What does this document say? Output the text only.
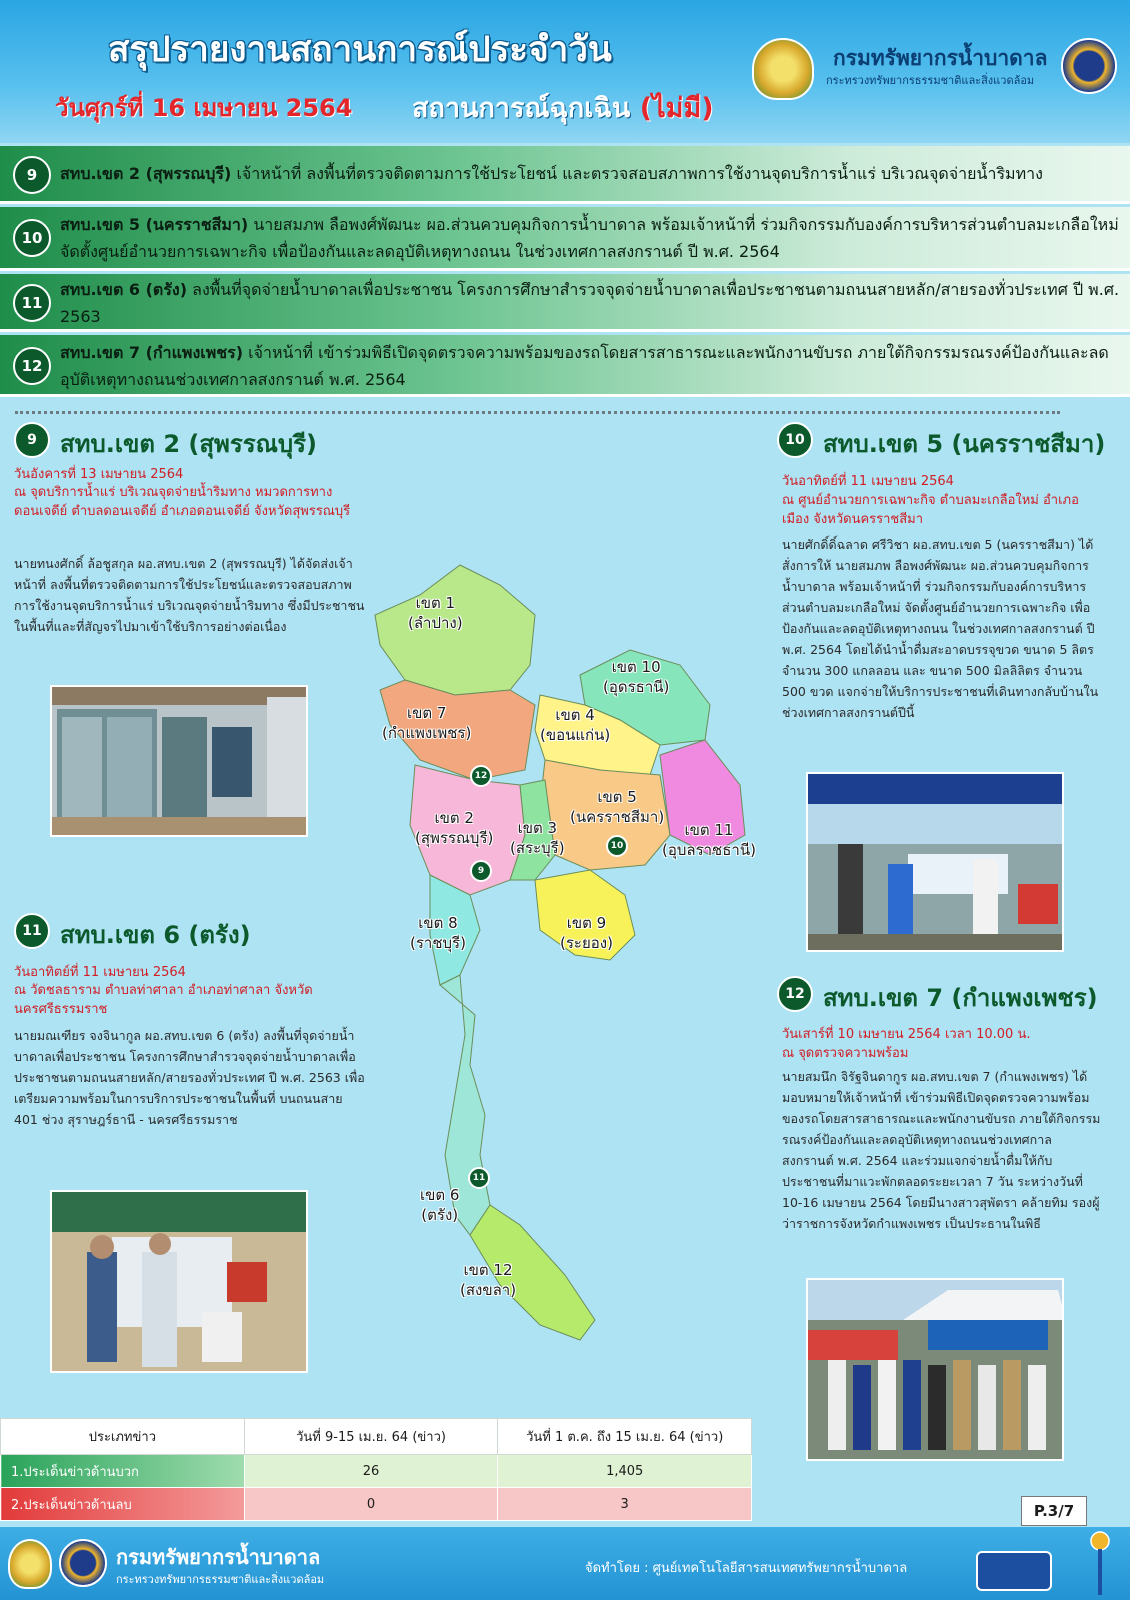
สรุปรายงานสถานการณ์ประจำวัน
วันศุกร์ที่ 16 เมษายน 2564 สถานการณ์ฉุกเฉิน (ไม่มี)
กรมทรัพยากรน้ำบาดาล
กระทรวงทรัพยากรธรรมชาติและสิ่งแวดล้อม
9	สทบ.เขต 2 (สุพรรณบุรี) เจ้าหน้าที่ ลงพื้นที่ตรวจติดตามการใช้ประโยชน์ และตรวจสอบสภาพการใช้งานจุดบริการน้ำแร่ บริเวณจุดจ่ายน้ำริมทาง
10
สทบ.เขต 5 (นครราชสีมา) นายสมภพ ลือพงศ์พัฒนะ ผอ.ส่วนควบคุมกิจการน้ำบาดาล พร้อมเจ้าหน้าที่ ร่วมกิจกรรมกับองค์การบริหารส่วนตำบลมะเกลือใหม่ จัดตั้งศูนย์อำนวยการเฉพาะกิจ เพื่อป้องกันและลดอุบัติเหตุทางถนน ในช่วงเทศกาลสงกรานต์ ปี พ.ศ. 2564
11
สทบ.เขต 6 (ตรัง) ลงพื้นที่จุดจ่ายน้ำบาดาลเพื่อประชาชน โครงการศึกษาสำรวจจุดจ่ายน้ำบาดาลเพื่อประชาชนตามถนนสายหลัก/สายรองทั่วประเทศ ปี พ.ศ. 2563
12
สทบ.เขต 7 (กำแพงเพชร) เจ้าหน้าที่ เข้าร่วมพิธีเปิดจุดตรวจความพร้อมของรถโดยสารสาธารณะและพนักงานขับรถ ภายใต้กิจกรรมรณรงค์ป้องกันและลดอุบัติเหตุทางถนนช่วงเทศกาลสงกรานต์ พ.ศ. 2564
9 สทบ.เขต 2 (สุพรรณบุรี)
วันอังคารที่ 13 เมษายน 2564
ณ จุดบริการน้ำแร่ บริเวณจุดจ่ายน้ำริมทาง หมวดการทางดอนเจดีย์ ตำบลดอนเจดีย์ อำเภอดอนเจดีย์ จังหวัดสุพรรณบุรี
นายทนงศักดิ์ ล้อชูสกุล ผอ.สทบ.เขต 2 (สุพรรณบุรี) ได้จัดส่งเจ้าหน้าที่ ลงพื้นที่ตรวจติดตามการใช้ประโยชน์และตรวจสอบสภาพการใช้งานจุดบริการน้ำแร่ บริเวณจุดจ่ายน้ำริมทาง ซึ่งมีประชาชนในพื้นที่และที่สัญจรไปมาเข้าใช้บริการอย่างต่อเนื่อง
11 สทบ.เขต 6 (ตรัง)
วันอาทิตย์ที่ 11 เมษายน 2564
ณ วัดชลธาราม ตำบลท่าศาลา อำเภอท่าศาลา จังหวัดนครศรีธรรมราช
นายมณเฑียร จงจินากูล ผอ.สทบ.เขต 6 (ตรัง) ลงพื้นที่จุดจ่ายน้ำบาดาลเพื่อประชาชน โครงการศึกษาสำรวจจุดจ่ายน้ำบาดาลเพื่อประชาชนตามถนนสายหลัก/สายรองทั่วประเทศ ปี พ.ศ. 2563 เพื่อเตรียมความพร้อมในการบริการประชาชนในพื้นที่ บนถนนสาย 401 ช่วง สุราษฎร์ธานี - นครศรีธรรมราช
10 สทบ.เขต 5 (นครราชสีมา)
วันอาทิตย์ที่ 11 เมษายน 2564
ณ ศูนย์อำนวยการเฉพาะกิจ ตำบลมะเกลือใหม่ อำเภอเมือง จังหวัดนครราชสีมา
นายศักดิ์ดิ์ฉลาด ศรีวิชา ผอ.สทบ.เขต 5 (นครราชสีมา) ได้สั่งการให้ นายสมภพ ลือพงศ์พัฒนะ ผอ.ส่วนควบคุมกิจการน้ำบาดาล พร้อมเจ้าหน้าที่ ร่วมกิจกรรมกับองค์การบริหารส่วนตำบลมะเกลือใหม่ จัดตั้งศูนย์อำนวยการเฉพาะกิจ เพื่อป้องกันและลดอุบัติเหตุทางถนน ในช่วงเทศกาลสงกรานต์ ปี พ.ศ. 2564 โดยได้นำน้ำดื่มสะอาดบรรจุขวด ขนาด 5 ลิตร จำนวน 300 แกลลอน และ ขนาด 500 มิลลิลิตร จำนวน 500 ขวด แจกจ่ายให้บริการประชาชนที่เดินทางกลับบ้านในช่วงเทศกาลสงกรานต์ปีนี้
12 สทบ.เขต 7 (กำแพงเพชร)
วันเสาร์ที่ 10 เมษายน 2564 เวลา 10.00 น.
ณ จุดตรวจความพร้อม
นายสมนึก จิรัฐจินดากูร ผอ.สทบ.เขต 7 (กำแพงเพชร) ได้มอบหมายให้เจ้าหน้าที่ เข้าร่วมพิธีเปิดจุดตรวจความพร้อมของรถโดยสารสาธารณะและพนักงานขับรถ ภายใต้กิจกรรมรณรงค์ป้องกันและลดอุบัติเหตุทางถนนช่วงเทศกาลสงกรานต์ พ.ศ. 2564 และร่วมแจกจ่ายน้ำดื่มให้กับประชาชนที่มาแวะพักตลอดระยะเวลา 7 วัน ระหว่างวันที่ 10-16 เมษายน 2564 โดยมีนางสาวสุพัตรา คล้ายทิม รองผู้ว่าราชการจังหวัดกำแพงเพชร เป็นประธานในพิธี
เขต 1
(ลำปาง)
เขต 7
(กำแพงเพชร)
เขต 10
(อุดรธานี)
เขต 4
(ขอนแก่น)
เขต 5
(นครราชสีมา)
เขต 11
(อุบลราชธานี)
เขต 2
(สุพรรณบุรี)
เขต 3
(สระบุรี)
เขต 8
(ราชบุรี)
เขต 9
(ระยอง)
เขต 6
(ตรัง)
เขต 12
(สงขลา)
12
10
9
11
ประเภทข่าว	วันที่ 9-15 เม.ย. 64 (ข่าว)	วันที่ 1 ต.ค. ถึง 15 เม.ย. 64 (ข่าว)
1.ประเด็นข่าวด้านบวก	26	1,405
2.ประเด็นข่าวด้านลบ	0	3	P.3/7
กรมทรัพยากรน้ำบาดาล
กระทรวงทรัพยากรธรรมชาติและสิ่งแวดล้อม
จัดทำโดย : ศูนย์เทคโนโลยีสารสนเทศทรัพยากรน้ำบาดาล
